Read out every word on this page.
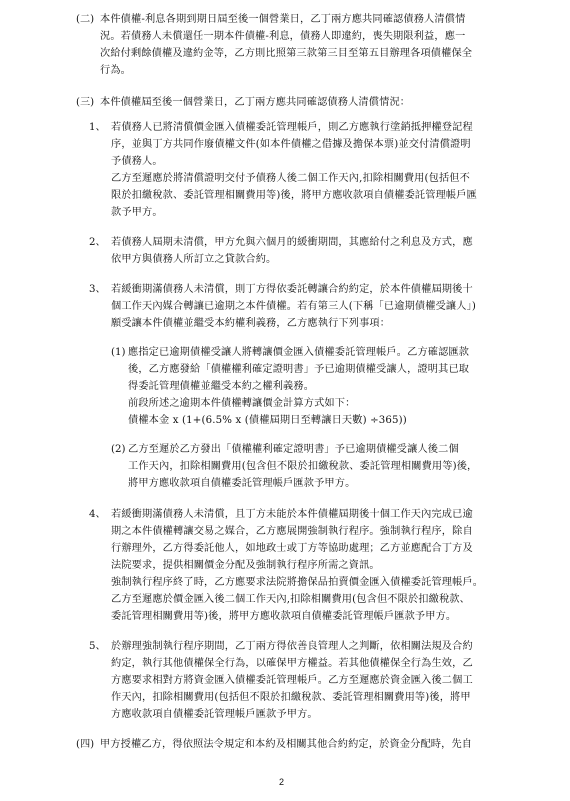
(二) 本件債權-利息各期到期日屆至後一個營業日，乙丁兩方應共同確認債務人清償情
況。若債務人未償還任一期本件債權-利息，債務人即違約，喪失期限利益，應一
次給付剩餘債權及違約金等，乙方則比照第三款第三目至第五目辦理各項債權保全
行為。
(三) 本件債權屆至後一個營業日，乙丁兩方應共同確認債務人清償情況：
1、 若債務人已將清償價金匯入債權委託管理帳戶，則乙方應執行塗銷抵押權登記程
序，並與丁方共同作廢債權文件(如本件債權之借據及擔保本票)並交付清償證明
予債務人。
乙方至遲應於將清償證明交付予債務人後二個工作天內,扣除相關費用(包括但不
限於扣繳稅款、委託管理相關費用等)後，將甲方應收款項自債權委託管理帳戶匯
款予甲方。
2、 若債務人屆期未清償，甲方允與六個月的緩衝期間，其應給付之利息及方式，應
依甲方與債務人所訂立之貸款合約。
3、 若緩衝期滿債務人未清償，則丁方得依委託轉讓合約約定，於本件債權屆期後十
個工作天內媒合轉讓已逾期之本件債權。若有第三人(下稱「已逾期債權受讓人」)
願受讓本件債權並繼受本約權利義務，乙方應執行下列事項：
(1) 應指定已逾期債權受讓人將轉讓價金匯入債權委託管理帳戶。乙方確認匯款
後，乙方應發給「債權權利確定證明書」予已逾期債權受讓人，證明其已取
得委託管理債權並繼受本約之權利義務。
前段所述之逾期本件債權轉讓價金計算方式如下：
債權本金 x (1+(6.5% x (債權屆期日至轉讓日天數) ÷365))
(2) 乙方至遲於乙方發出「債權權利確定證明書」予已逾期債權受讓人後二個
工作天內，扣除相關費用(包含但不限於扣繳稅款、委託管理相關費用等)後，
將甲方應收款項自債權委託管理帳戶匯款予甲方。
4、 若緩衝期滿債務人未清償，且丁方未能於本件債權屆期後十個工作天內完成已逾
期之本件債權轉讓交易之媒合，乙方應展開強制執行程序。強制執行程序，除自
行辦理外，乙方得委託他人，如地政士或丁方等協助處理；乙方並應配合丁方及
法院要求，提供相關價金分配及強制執行程序所需之資訊。
強制執行程序終了時，乙方應要求法院將擔保品拍賣價金匯入債權委託管理帳戶。
乙方至遲應於價金匯入後二個工作天內,扣除相關費用(包含但不限於扣繳稅款、
委託管理相關費用等)後，將甲方應收款項自債權委託管理帳戶匯款予甲方。
5、 於辦理強制執行程序期間，乙丁兩方得依善良管理人之判斷，依相關法規及合約
約定，執行其他債權保全行為，以確保甲方權益。若其他債權保全行為生效，乙
方應要求相對方將資金匯入債權委託管理帳戶。乙方至遲應於資金匯入後二個工
作天內，扣除相關費用(包括但不限於扣繳稅款、委託管理相關費用等)後，將甲
方應收款項自債權委託管理帳戶匯款予甲方。
(四) 甲方授權乙方，得依照法令規定和本約及相關其他合約約定，於資金分配時，先自
2
